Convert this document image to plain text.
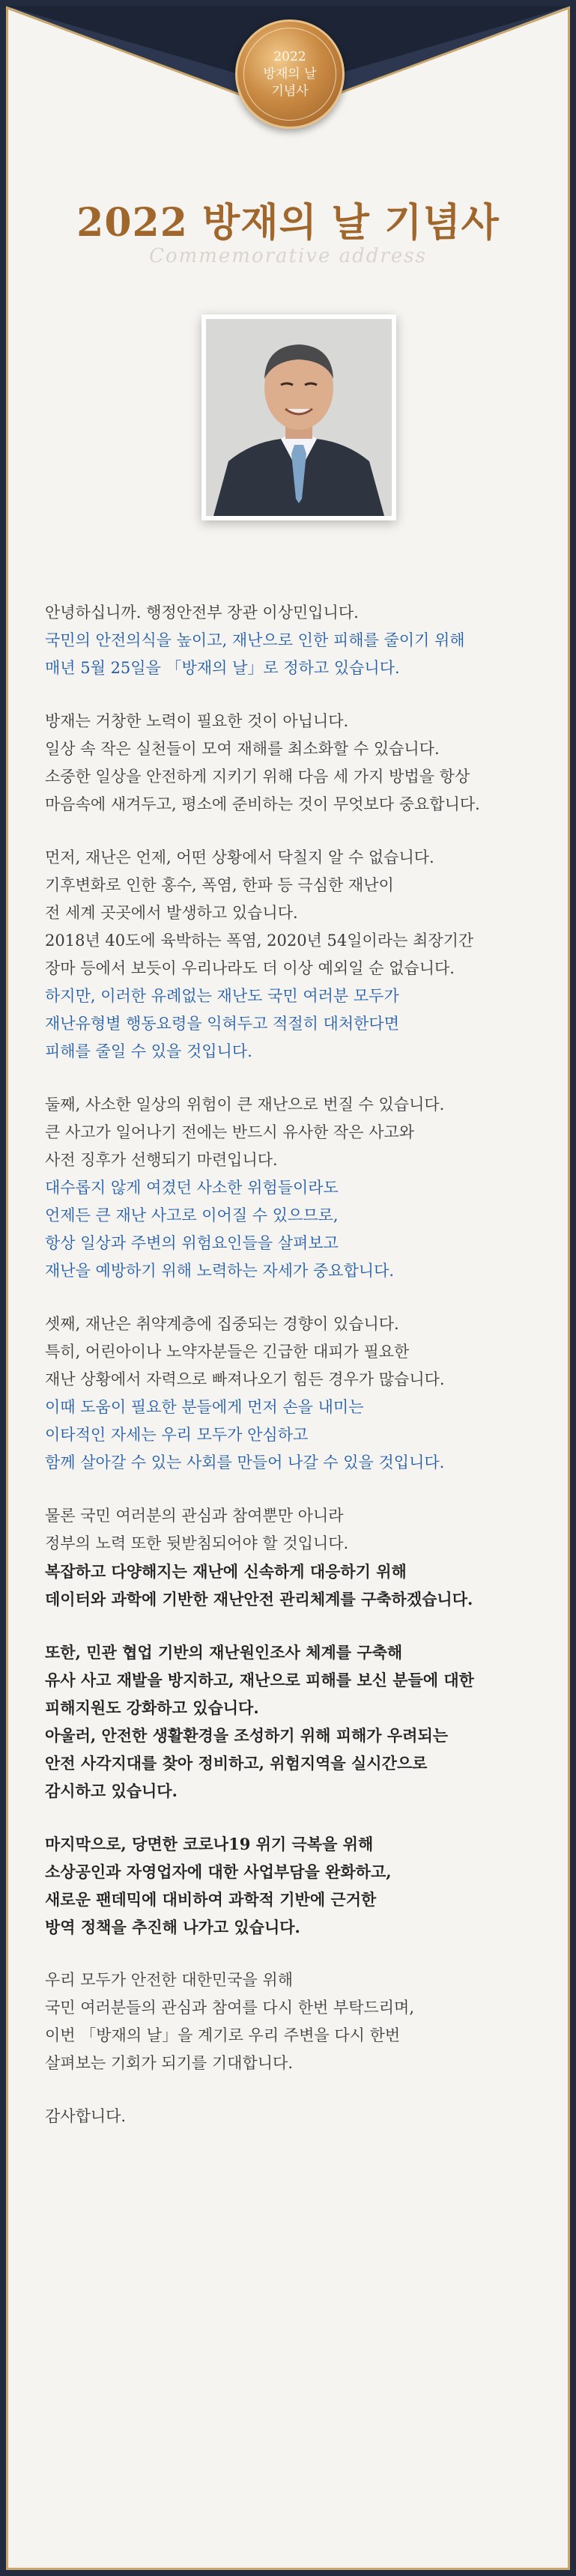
2022
방재의 날
기념사
2022 방재의 날 기념사
Commemorative address
안녕하십니까. 행정안전부 장관 이상민입니다.
국민의 안전의식을 높이고, 재난으로 인한 피해를 줄이기 위해
매년 5월 25일을 「방재의 날」로 정하고 있습니다.
방재는 거창한 노력이 필요한 것이 아닙니다.
일상 속 작은 실천들이 모여 재해를 최소화할 수 있습니다.
소중한 일상을 안전하게 지키기 위해 다음 세 가지 방법을 항상
마음속에 새겨두고, 평소에 준비하는 것이 무엇보다 중요합니다.
먼저, 재난은 언제, 어떤 상황에서 닥칠지 알 수 없습니다.
기후변화로 인한 홍수, 폭염, 한파 등 극심한 재난이
전 세계 곳곳에서 발생하고 있습니다.
2018년 40도에 육박하는 폭염, 2020년 54일이라는 최장기간
장마 등에서 보듯이 우리나라도 더 이상 예외일 순 없습니다.
하지만, 이러한 유례없는 재난도 국민 여러분 모두가
재난유형별 행동요령을 익혀두고 적절히 대처한다면
피해를 줄일 수 있을 것입니다.
둘째, 사소한 일상의 위험이 큰 재난으로 번질 수 있습니다.
큰 사고가 일어나기 전에는 반드시 유사한 작은 사고와
사전 징후가 선행되기 마련입니다.
대수롭지 않게 여겼던 사소한 위험들이라도
언제든 큰 재난 사고로 이어질 수 있으므로,
항상 일상과 주변의 위험요인들을 살펴보고
재난을 예방하기 위해 노력하는 자세가 중요합니다.
셋째, 재난은 취약계층에 집중되는 경향이 있습니다.
특히, 어린아이나 노약자분들은 긴급한 대피가 필요한
재난 상황에서 자력으로 빠져나오기 힘든 경우가 많습니다.
이때 도움이 필요한 분들에게 먼저 손을 내미는
이타적인 자세는 우리 모두가 안심하고
함께 살아갈 수 있는 사회를 만들어 나갈 수 있을 것입니다.
물론 국민 여러분의 관심과 참여뿐만 아니라
정부의 노력 또한 뒷받침되어야 할 것입니다.
복잡하고 다양해지는 재난에 신속하게 대응하기 위해
데이터와 과학에 기반한 재난안전 관리체계를 구축하겠습니다.
또한, 민관 협업 기반의 재난원인조사 체계를 구축해
유사 사고 재발을 방지하고, 재난으로 피해를 보신 분들에 대한
피해지원도 강화하고 있습니다.
아울러, 안전한 생활환경을 조성하기 위해 피해가 우려되는
안전 사각지대를 찾아 정비하고, 위험지역을 실시간으로
감시하고 있습니다.
마지막으로, 당면한 코로나19 위기 극복을 위해
소상공인과 자영업자에 대한 사업부담을 완화하고,
새로운 팬데믹에 대비하여 과학적 기반에 근거한
방역 정책을 추진해 나가고 있습니다.
우리 모두가 안전한 대한민국을 위해
국민 여러분들의 관심과 참여를 다시 한번 부탁드리며,
이번 「방재의 날」을 계기로 우리 주변을 다시 한번
살펴보는 기회가 되기를 기대합니다.
감사합니다.
